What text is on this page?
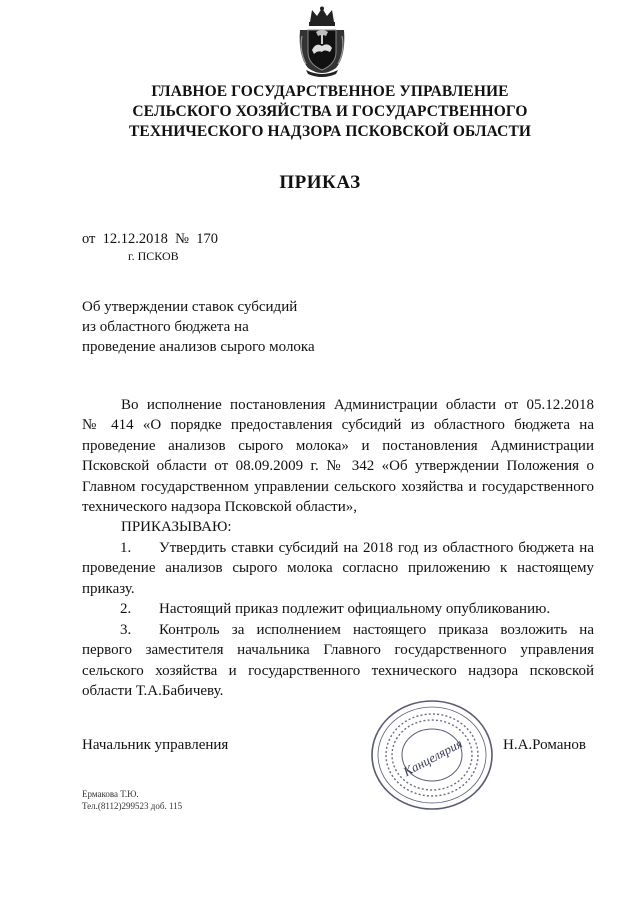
ГЛАВНОЕ ГОСУДАРСТВЕННОЕ УПРАВЛЕНИЕ
СЕЛЬСКОГО ХОЗЯЙСТВА И ГОСУДАРСТВЕННОГО
ТЕХНИЧЕСКОГО НАДЗОРА ПСКОВСКОЙ ОБЛАСТИ
ПРИКАЗ
от  12.12.2018  №  170
г. ПСКОВ
Об утверждении ставок субсидий
из областного бюджета на
проведение анализов сырого молока
Во исполнение постановления Администрации области от 05.12.2018
№ 414 «О порядке предоставления субсидий из областного бюджета на
проведение анализов сырого молока» и постановления Администрации
Псковской области от 08.09.2009 г. № 342 «Об утверждении Положения о
Главном государственном управлении сельского хозяйства и государственного
технического надзора Псковской области»,
ПРИКАЗЫВАЮ:
1.	Утвердить ставки субсидий на 2018 год из областного бюджета на
проведение анализов сырого молока согласно приложению к настоящему
приказу.
2.	Настоящий приказ подлежит официальному опубликованию.
3.	Контроль за исполнением настоящего приказа возложить на
первого заместителя начальника Главного государственного управления
сельского хозяйства и государственного технического надзора псковской
области Т.А.Бабичеву.
Канцелярия
Начальник управления	Н.А.Романов
Ермакова Т.Ю.
Тел.(8112)299523 доб. 115
